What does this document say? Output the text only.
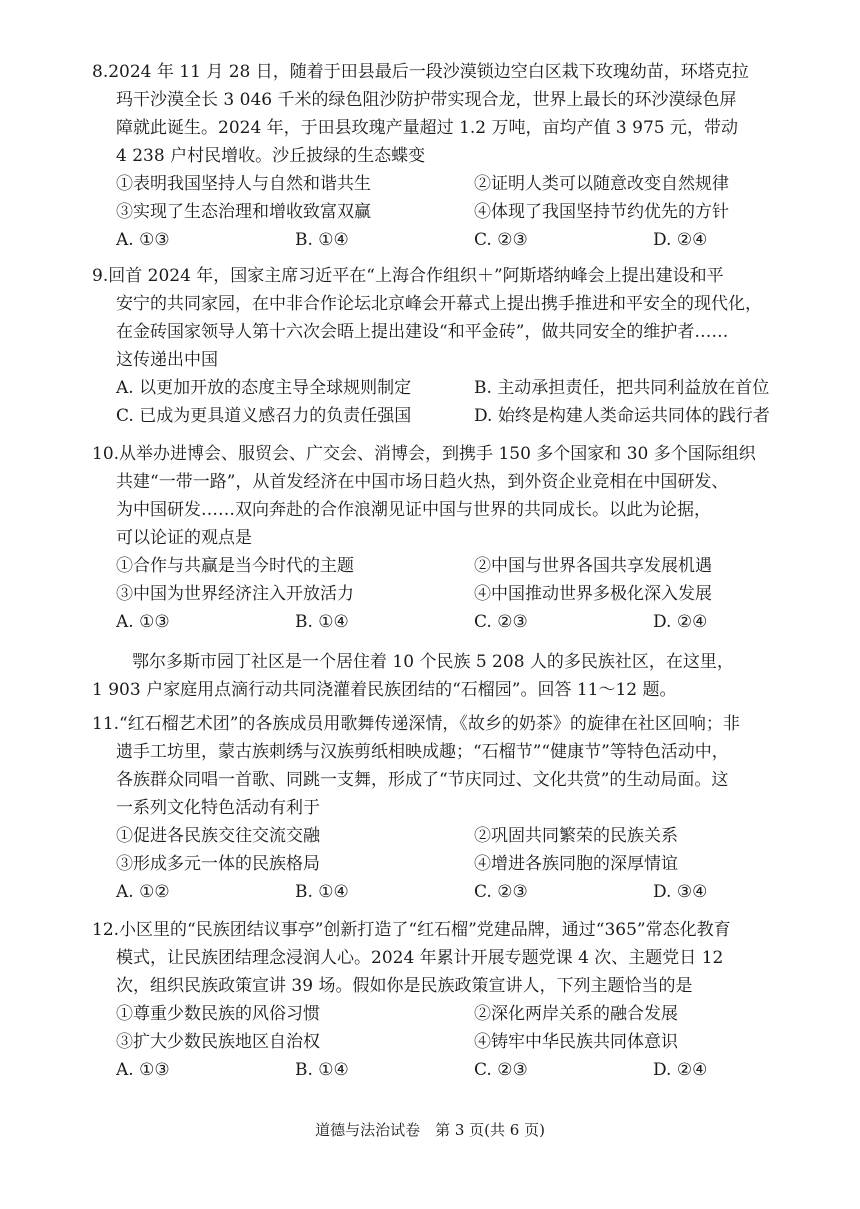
8.2024 年 11 月 28 日，随着于田县最后一段沙漠锁边空白区栽下玫瑰幼苗，环塔克拉
玛干沙漠全长 3 046 千米的绿色阻沙防护带实现合龙，世界上最长的环沙漠绿色屏
障就此诞生。2024 年，于田县玫瑰产量超过 1.2 万吨，亩均产值 3 975 元，带动
4 238 户村民增收。沙丘披绿的生态蝶变
①表明我国坚持人与自然和谐共生	②证明人类可以随意改变自然规律
③实现了生态治理和增收致富双赢	④体现了我国坚持节约优先的方针
A. ①③	B. ①④	C. ②③	D. ②④
9.回首 2024 年，国家主席习近平在“上海合作组织＋”阿斯塔纳峰会上提出建设和平
安宁的共同家园，在中非合作论坛北京峰会开幕式上提出携手推进和平安全的现代化，
在金砖国家领导人第十六次会晤上提出建设“和平金砖”，做共同安全的维护者……
这传递出中国
A. 以更加开放的态度主导全球规则制定	B. 主动承担责任，把共同利益放在首位
C. 已成为更具道义感召力的负责任强国	D. 始终是构建人类命运共同体的践行者
10.从举办进博会、服贸会、广交会、消博会，到携手 150 多个国家和 30 多个国际组织
共建“一带一路”，从首发经济在中国市场日趋火热，到外资企业竞相在中国研发、
为中国研发……双向奔赴的合作浪潮见证中国与世界的共同成长。以此为论据，
可以论证的观点是
①合作与共赢是当今时代的主题	②中国与世界各国共享发展机遇
③中国为世界经济注入开放活力	④中国推动世界多极化深入发展
A. ①③	B. ①④	C. ②③	D. ②④
鄂尔多斯市园丁社区是一个居住着 10 个民族 5 208 人的多民族社区，在这里，
1 903 户家庭用点滴行动共同浇灌着民族团结的“石榴园”。回答 11～12 题。
11.“红石榴艺术团”的各族成员用歌舞传递深情，《故乡的奶茶》的旋律在社区回响；非
遗手工坊里，蒙古族刺绣与汉族剪纸相映成趣；“石榴节”“健康节”等特色活动中，
各族群众同唱一首歌、同跳一支舞，形成了“节庆同过、文化共赏”的生动局面。这
一系列文化特色活动有利于
①促进各民族交往交流交融	②巩固共同繁荣的民族关系
③形成多元一体的民族格局	④增进各族同胞的深厚情谊
A. ①②	B. ①④	C. ②③	D. ③④
12.小区里的“民族团结议事亭”创新打造了“红石榴”党建品牌，通过“365”常态化教育
模式，让民族团结理念浸润人心。2024 年累计开展专题党课 4 次、主题党日 12
次，组织民族政策宣讲 39 场。假如你是民族政策宣讲人，下列主题恰当的是
①尊重少数民族的风俗习惯	②深化两岸关系的融合发展
③扩大少数民族地区自治权	④铸牢中华民族共同体意识
A. ①③	B. ①④	C. ②③	D. ②④
道德与法治试卷　第 3 页(共 6 页)
